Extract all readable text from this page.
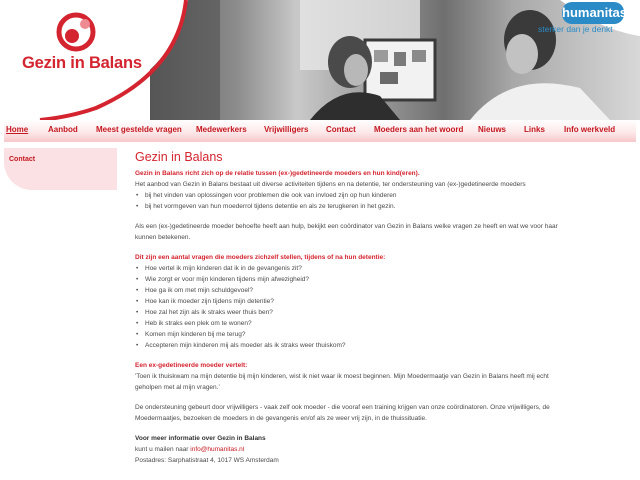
Gezin in Balans
humanitas
sterker dan je denkt
Home Aanbod Meest gestelde vragen Medewerkers Vrijwilligers Contact Moeders aan het woord Nieuws Links Info werkveld
Contact	Gezin in Balans

Gezin in Balans richt zich op de relatie tussen (ex-)gedetineerde moeders en hun kind(eren).

Het aanbod van Gezin in Balans bestaat uit diverse activiteiten tijdens en na detentie, ter ondersteuning van (ex-)gedetineerde moeders

• bij het vinden van oplossingen voor problemen die ook van invloed zijn op hun kinderen
• bij het vormgeven van hun moederrol tijdens detentie en als ze terugkeren in het gezin.

Als een (ex-)gedetineerde moeder behoefte heeft aan hulp, bekijkt een coördinator van Gezin in Balans welke vragen ze heeft en wat we voor haar kunnen betekenen.

Dit zijn een aantal vragen die moeders zichzelf stellen, tijdens of na hun detentie:

• Hoe vertel ik mijn kinderen dat ik in de gevangenis zit?
• Wie zorgt er voor mijn kinderen tijdens mijn afwezigheid?
• Hoe ga ik om met mijn schuldgevoel?
• Hoe kan ik moeder zijn tijdens mijn detentie?
• Hoe zal het zijn als ik straks weer thuis ben?
• Heb ik straks een plek om te wonen?
• Komen mijn kinderen bij me terug?
• Accepteren mijn kinderen mij als moeder als ik straks weer thuiskom?

Een ex-gedetineerde moeder vertelt:

'Toen ik thuiskwam na mijn detentie bij mijn kinderen, wist ik niet waar ik moest beginnen. Mijn Moedermaatje van Gezin in Balans heeft mij echt geholpen met al mijn vragen.'

De ondersteuning gebeurt door vrijwilligers - vaak zelf ook moeder - die vooraf een training krijgen van onze coördinatoren. Onze vrijwilligers, de Moedermaatjes, bezoeken de moeders in de gevangenis en/of als ze weer vrij zijn, in de thuissituatie.

Voor meer informatie over Gezin in Balans

kunt u mailen naar info@humanitas.nl

Postadres: Sarphatistraat 4, 1017 WS Amsterdam
